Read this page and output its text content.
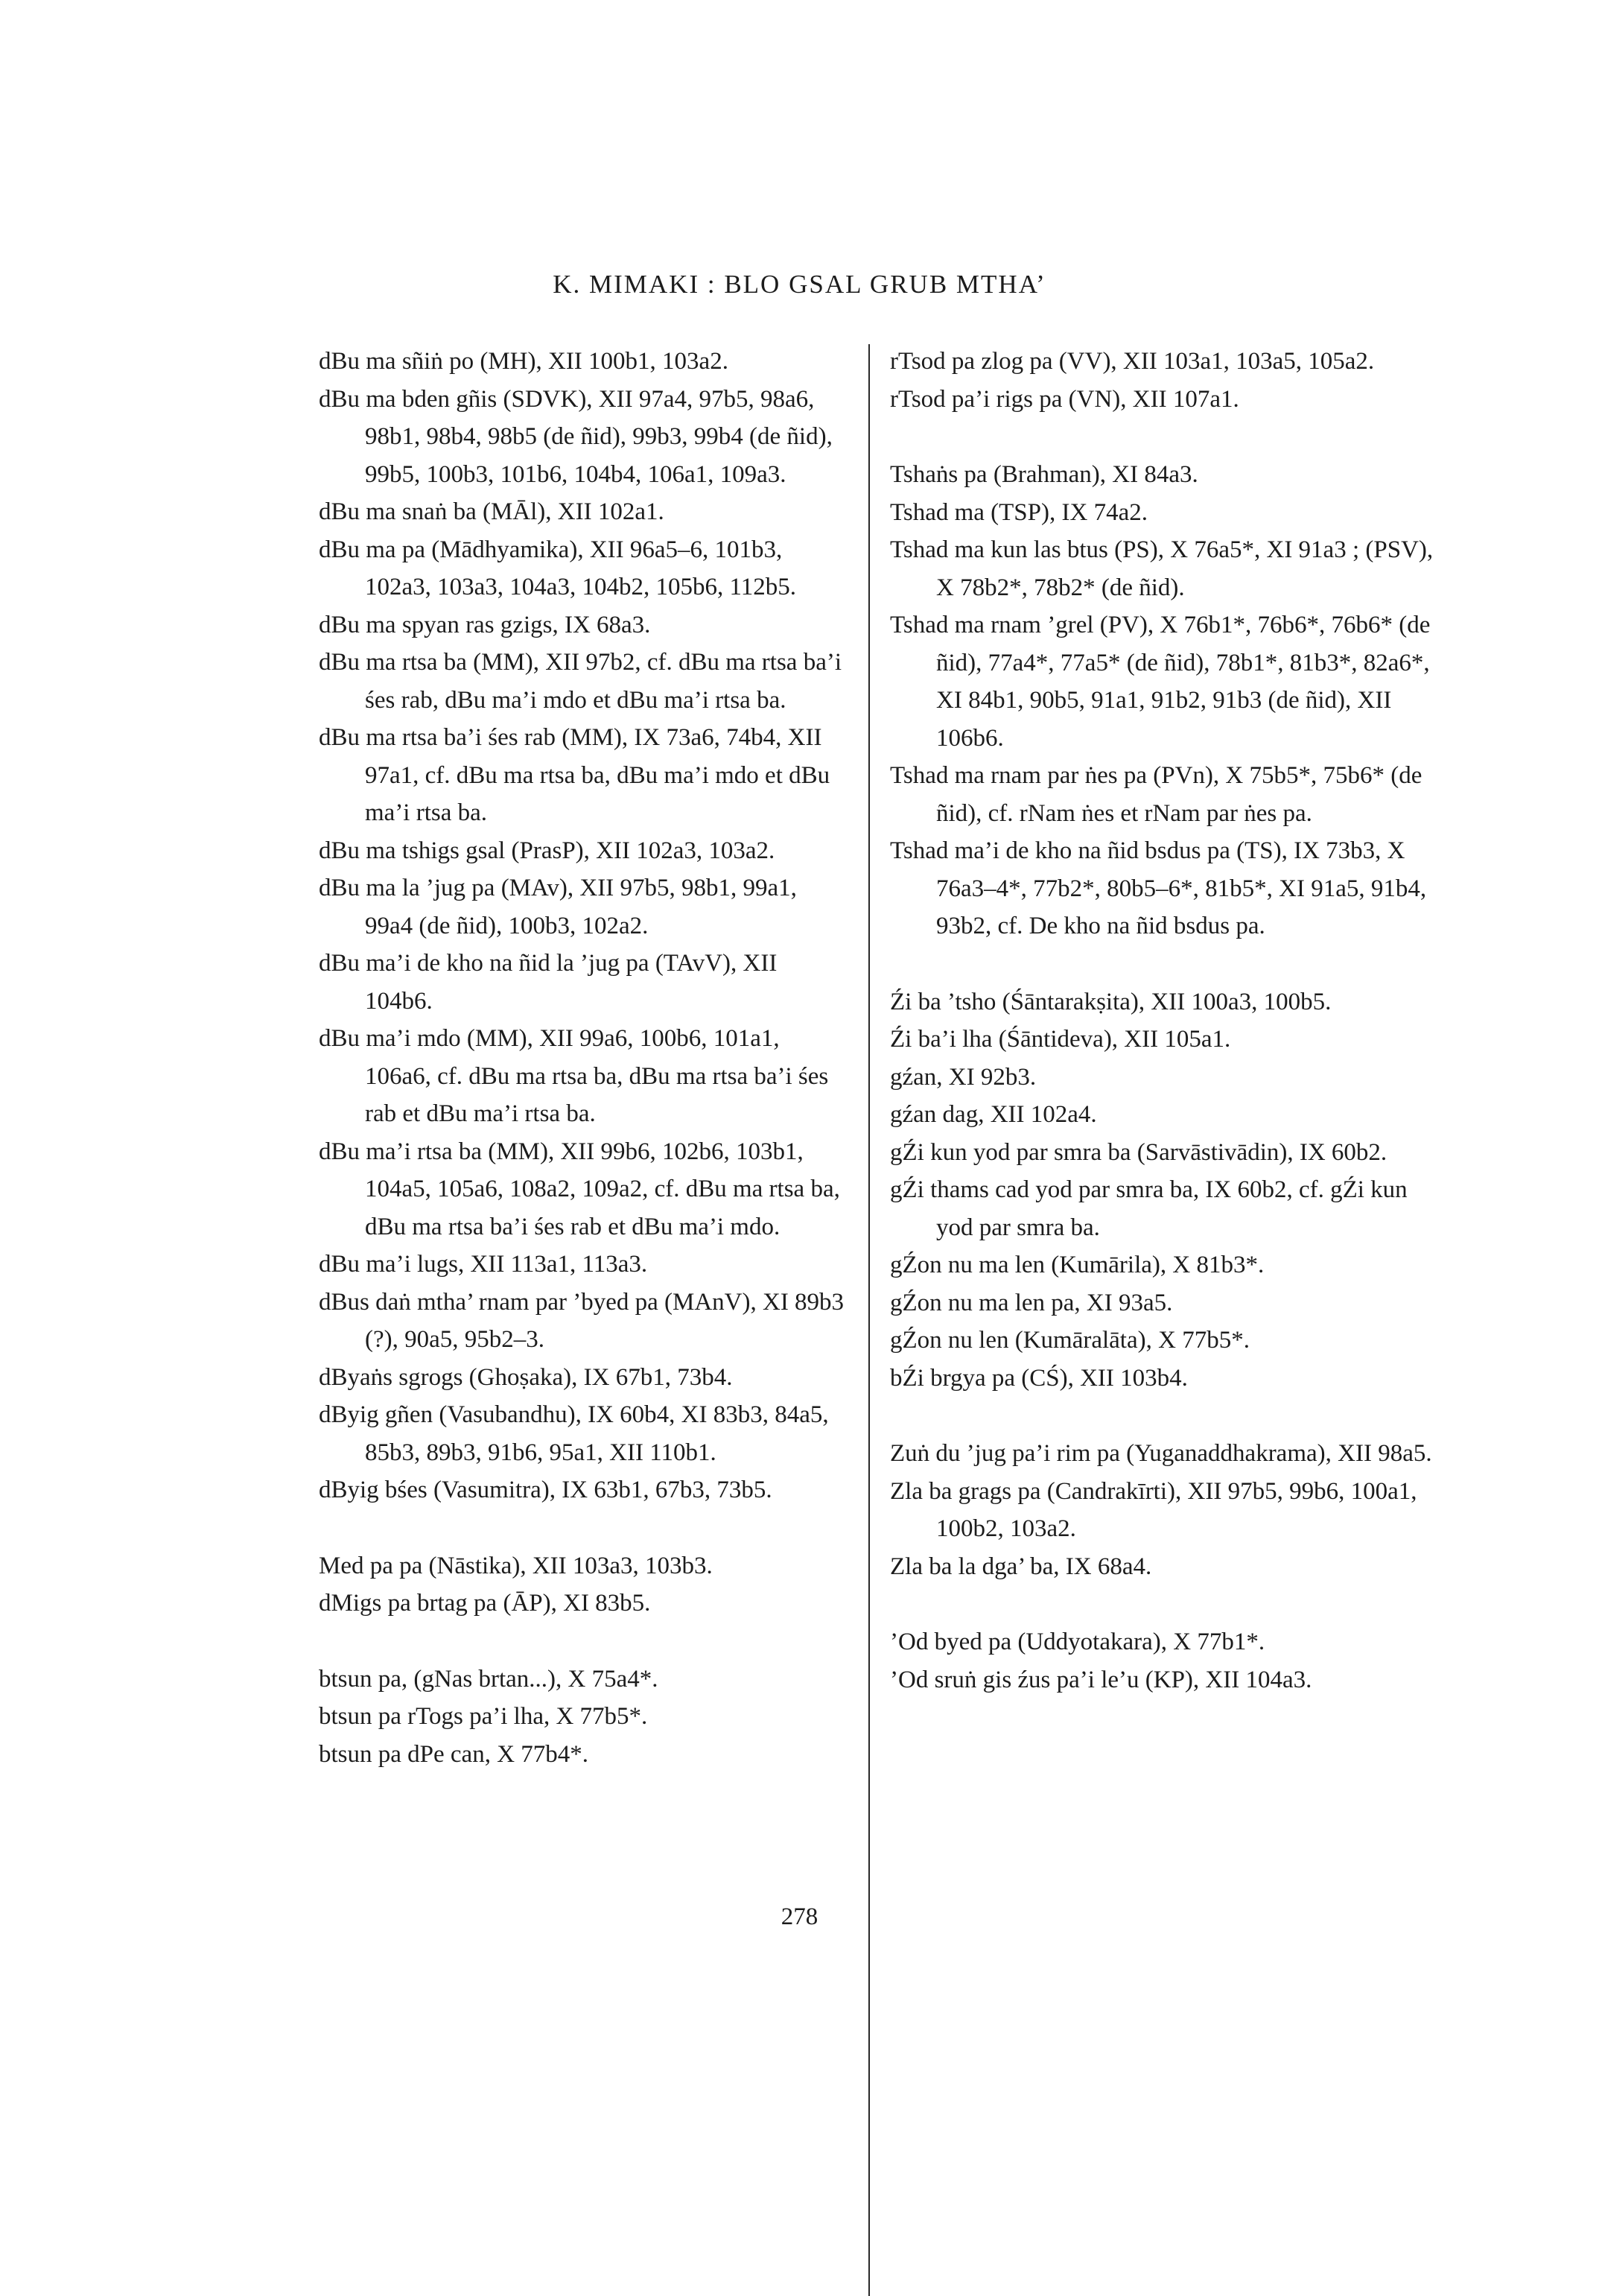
K. MIMAKI : BLO GSAL GRUB MTHA’

dBu ma sñiṅ po (MH), XII 100b1, 103a2.

dBu ma bden gñis (SDVK), XII 97a4, 97b5, 98a6, 98b1, 98b4, 98b5 (de ñid), 99b3, 99b4 (de ñid), 99b5, 100b3, 101b6, 104b4, 106a1, 109a3.

dBu ma snaṅ ba (MĀl), XII 102a1.

dBu ma pa (Mādhyamika), XII 96a5–6, 101b3, 102a3, 103a3, 104a3, 104b2, 105b6, 112b5.

dBu ma spyan ras gzigs, IX 68a3.

dBu ma rtsa ba (MM), XII 97b2, cf. dBu ma rtsa ba’i śes rab, dBu ma’i mdo et dBu ma’i rtsa ba.

dBu ma rtsa ba’i śes rab (MM), IX 73a6, 74b4, XII 97a1, cf. dBu ma rtsa ba, dBu ma’i mdo et dBu ma’i rtsa ba.

dBu ma tshigs gsal (PrasP), XII 102a3, 103a2.

dBu ma la ’jug pa (MAv), XII 97b5, 98b1, 99a1, 99a4 (de ñid), 100b3, 102a2.

dBu ma’i de kho na ñid la ’jug pa (TAvV), XII 104b6.

dBu ma’i mdo (MM), XII 99a6, 100b6, 101a1, 106a6, cf. dBu ma rtsa ba, dBu ma rtsa ba’i śes rab et dBu ma’i rtsa ba.

dBu ma’i rtsa ba (MM), XII 99b6, 102b6, 103b1, 104a5, 105a6, 108a2, 109a2, cf. dBu ma rtsa ba, dBu ma rtsa ba’i śes rab et dBu ma’i mdo.

dBu ma’i lugs, XII 113a1, 113a3.

dBus daṅ mtha’ rnam par ’byed pa (MAnV), XI 89b3 (?), 90a5, 95b2–3.

dByaṅs sgrogs (Ghoṣaka), IX 67b1, 73b4.

dByig gñen (Vasubandhu), IX 60b4, XI 83b3, 84a5, 85b3, 89b3, 91b6, 95a1, XII 110b1.

dByig bśes (Vasumitra), IX 63b1, 67b3, 73b5.

Med pa pa (Nāstika), XII 103a3, 103b3.

dMigs pa brtag pa (ĀP), XI 83b5.

btsun pa, (gNas brtan...), X 75a4*.

btsun pa rTogs pa’i lha, X 77b5*.

btsun pa dPe can, X 77b4*.

rTsod pa zlog pa (VV), XII 103a1, 103a5, 105a2.

rTsod pa’i rigs pa (VN), XII 107a1.

Tshaṅs pa (Brahman), XI 84a3.

Tshad ma (TSP), IX 74a2.

Tshad ma kun las btus (PS), X 76a5*, XI 91a3 ; (PSV), X 78b2*, 78b2* (de ñid).

Tshad ma rnam ’grel (PV), X 76b1*, 76b6*, 76b6* (de ñid), 77a4*, 77a5* (de ñid), 78b1*, 81b3*, 82a6*, XI 84b1, 90b5, 91a1, 91b2, 91b3 (de ñid), XII 106b6.

Tshad ma rnam par ṅes pa (PVn), X 75b5*, 75b6* (de ñid), cf. rNam ṅes et rNam par ṅes pa.

Tshad ma’i de kho na ñid bsdus pa (TS), IX 73b3, X 76a3–4*, 77b2*, 80b5–6*, 81b5*, XI 91a5, 91b4, 93b2, cf. De kho na ñid bsdus pa.

Źi ba ’tsho (Śāntarakṣita), XII 100a3, 100b5.

Źi ba’i lha (Śāntideva), XII 105a1.

gźan, XI 92b3.

gźan dag, XII 102a4.

gŹi kun yod par smra ba (Sarvāstivādin), IX 60b2.

gŹi thams cad yod par smra ba, IX 60b2, cf. gŹi kun yod par smra ba.

gŹon nu ma len (Kumārila), X 81b3*.

gŹon nu ma len pa, XI 93a5.

gŹon nu len (Kumāralāta), X 77b5*.

bŹi brgya pa (CŚ), XII 103b4.

Zuṅ du ’jug pa’i rim pa (Yuganaddhakrama), XII 98a5.

Zla ba grags pa (Candrakīrti), XII 97b5, 99b6, 100a1, 100b2, 103a2.

Zla ba la dga’ ba, IX 68a4.

’Od byed pa (Uddyotakara), X 77b1*.

’Od sruṅ gis źus pa’i le’u (KP), XII 104a3.

278
